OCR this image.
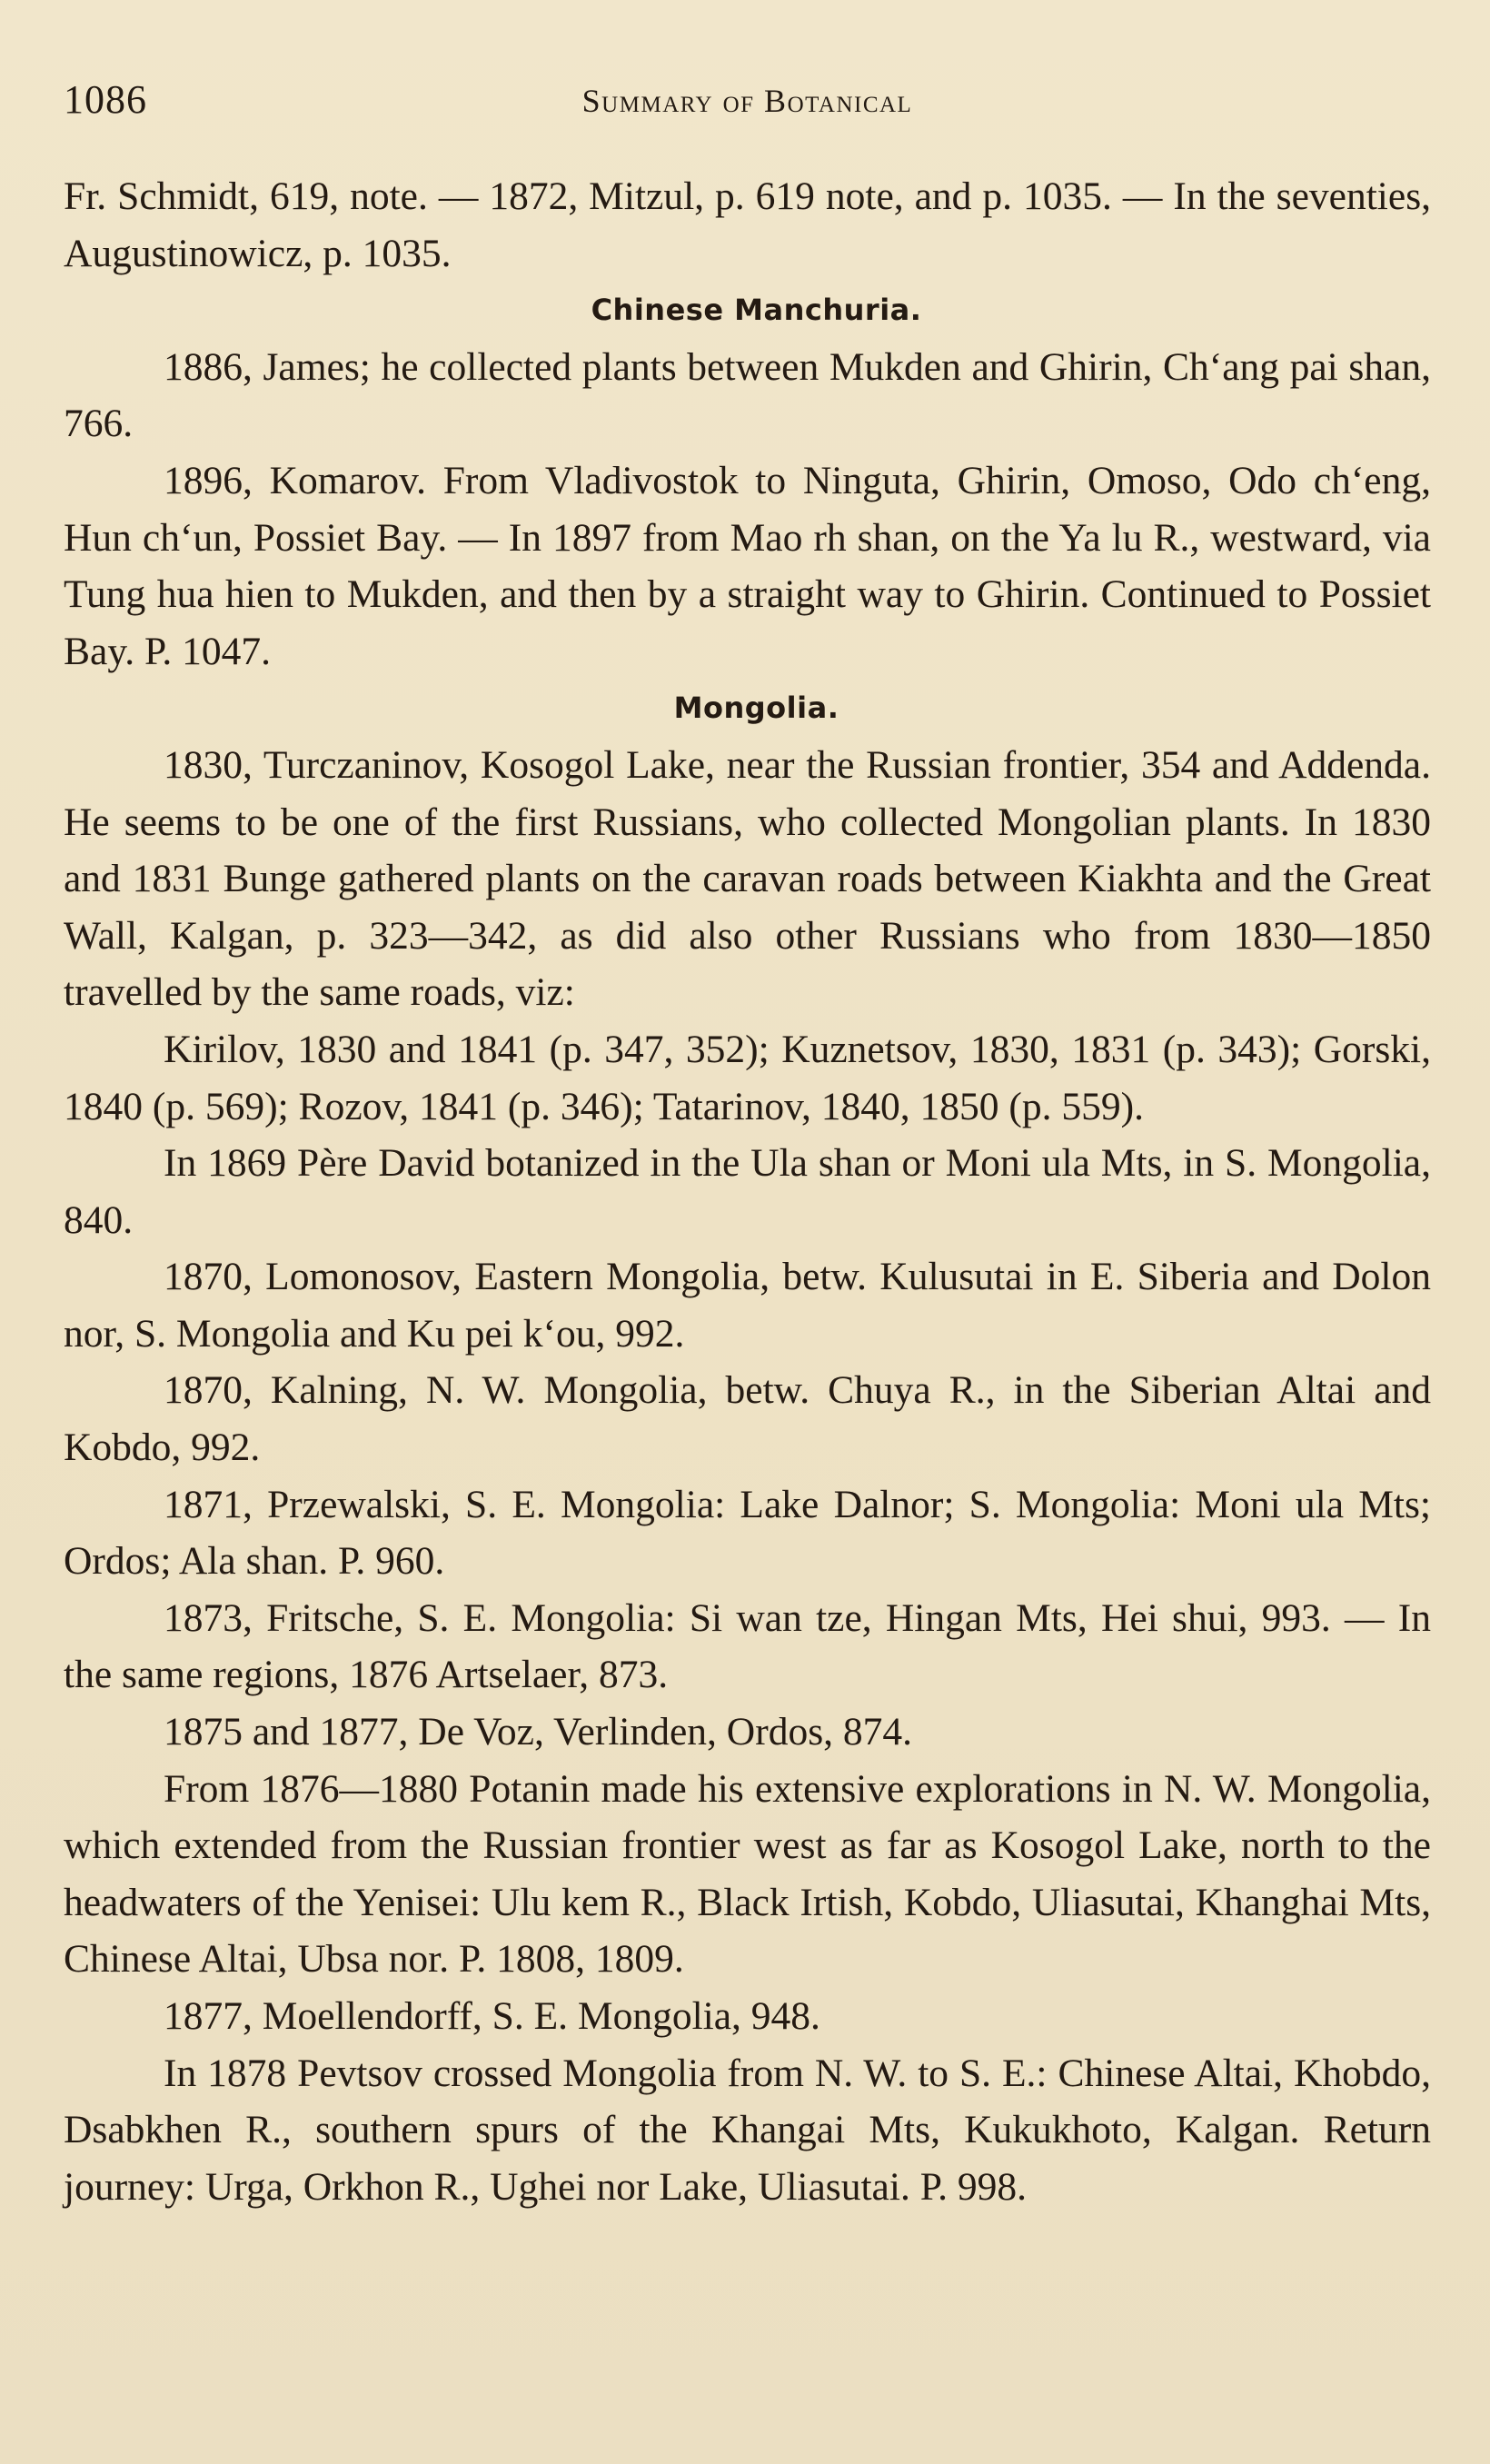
1086	Summary of Botanical

Fr. Schmidt, 619, note. — 1872, Mitzul, p. 619 note, and p. 1035. — In the seventies, Augustinowicz, p. 1035.

Chinese Manchuria.

1886, James; he collected plants between Mukden and Ghirin, Chʻang pai shan, 766.

1896, Komarov. From Vladivostok to Ninguta, Ghirin, Omoso, Odo chʻeng, Hun chʻun, Possiet Bay. — In 1897 from Mao rh shan, on the Ya lu R., westward, via Tung hua hien to Mukden, and then by a straight way to Ghirin. Continued to Possiet Bay. P. 1047.

Mongolia.

1830, Turczaninov, Kosogol Lake, near the Russian frontier, 354 and Addenda. He seems to be one of the first Russians, who collected Mongolian plants. In 1830 and 1831 Bunge gathered plants on the caravan roads between Kiakhta and the Great Wall, Kalgan, p. 323—342, as did also other Russians who from 1830—1850 travelled by the same roads, viz:

Kirilov, 1830 and 1841 (p. 347, 352); Kuznetsov, 1830, 1831 (p. 343); Gorski, 1840 (p. 569); Rozov, 1841 (p. 346); Tatarinov, 1840, 1850 (p. 559).

In 1869 Père David botanized in the Ula shan or Moni ula Mts, in S. Mongolia, 840.

1870, Lomonosov, Eastern Mongolia, betw. Kulusutai in E. Siberia and Dolon nor, S. Mongolia and Ku pei kʻou, 992.

1870, Kalning, N. W. Mongolia, betw. Chuya R., in the Siberian Altai and Kobdo, 992.

1871, Przewalski, S. E. Mongolia: Lake Dalnor; S. Mongolia: Moni ula Mts; Ordos; Ala shan. P. 960.

1873, Fritsche, S. E. Mongolia: Si wan tze, Hingan Mts, Hei shui, 993. — In the same regions, 1876 Artselaer, 873.

1875 and 1877, De Voz, Verlinden, Ordos, 874.

From 1876—1880 Potanin made his extensive explorations in N. W. Mongolia, which extended from the Russian frontier west as far as Kosogol Lake, north to the headwaters of the Yenisei: Ulu kem R., Black Irtish, Kobdo, Uliasutai, Khanghai Mts, Chinese Altai, Ubsa nor. P. 1808, 1809.

1877, Moellendorff, S. E. Mongolia, 948.

In 1878 Pevtsov crossed Mongolia from N. W. to S. E.: Chinese Altai, Khobdo, Dsabkhen R., southern spurs of the Khangai Mts, Kukukhoto, Kalgan. Return journey: Urga, Orkhon R., Ughei nor Lake, Uliasutai. P. 998.
